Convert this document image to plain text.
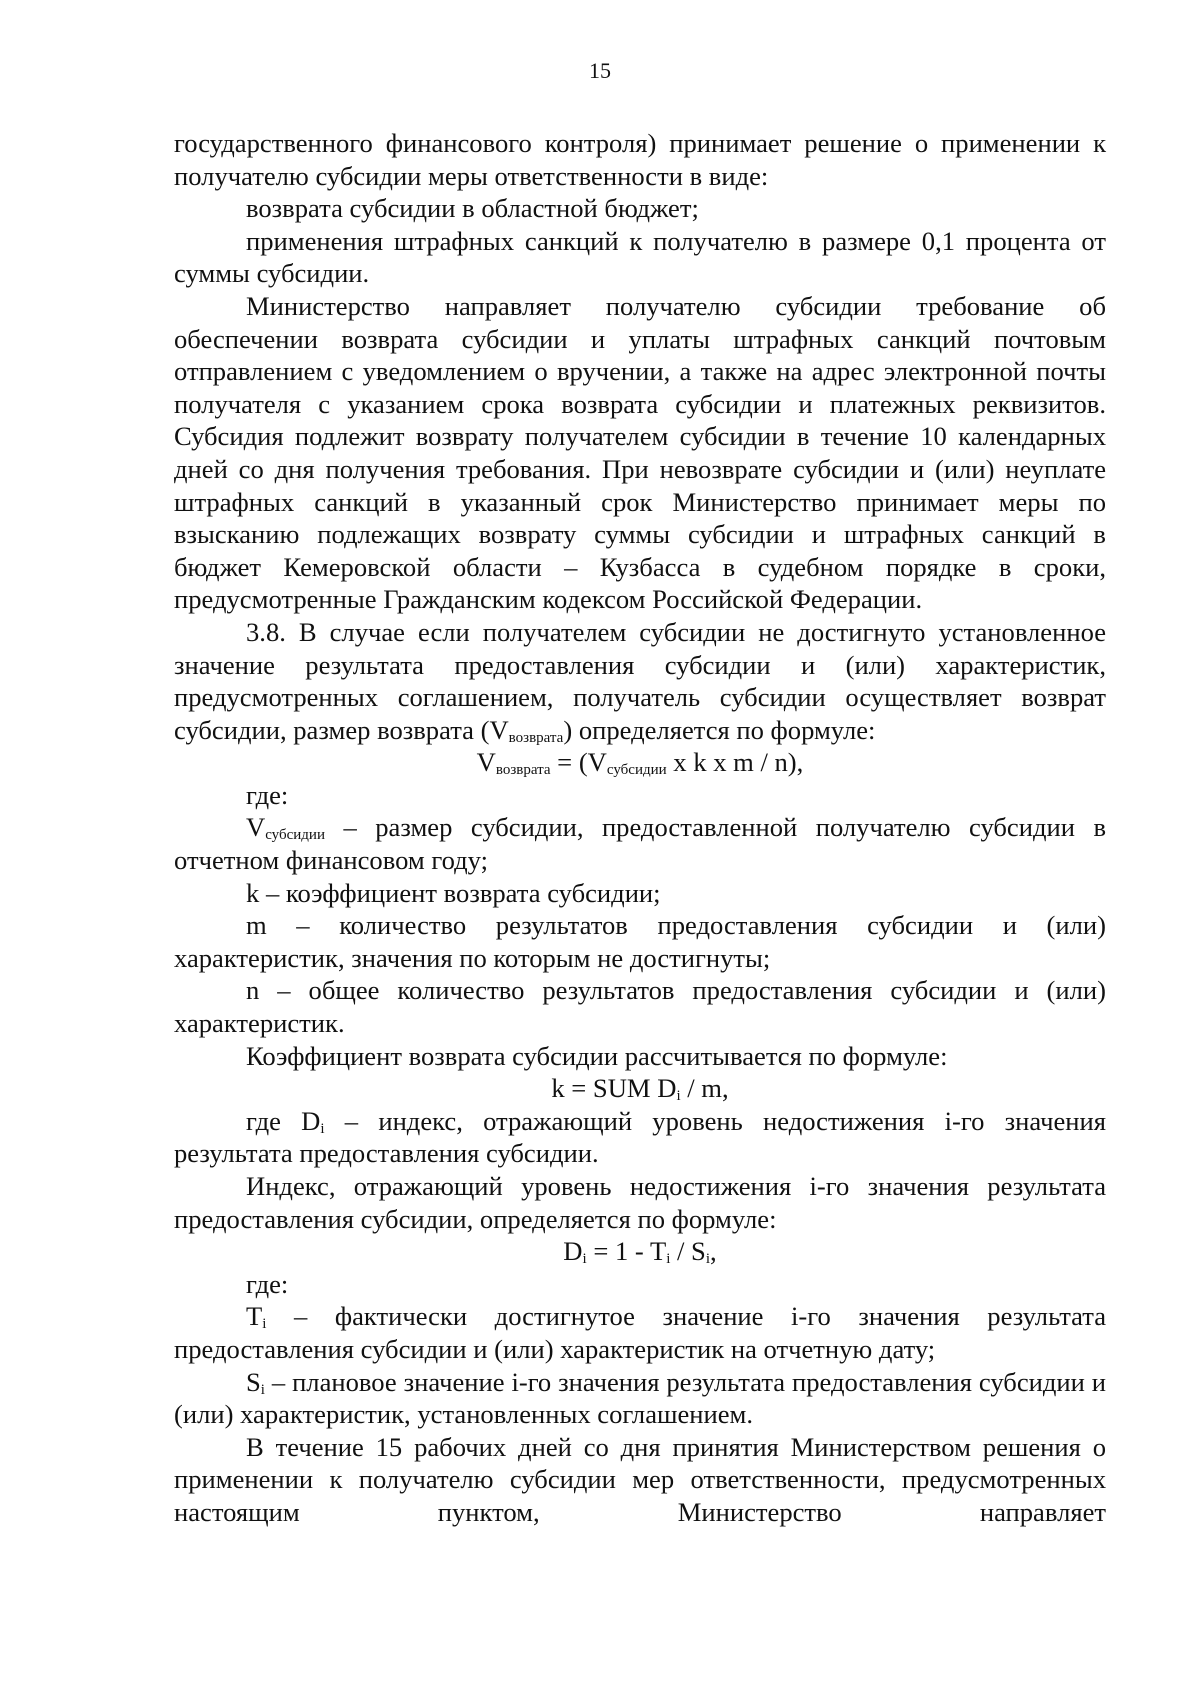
15

государственного финансового контроля) принимает решение о применении к получателю субсидии меры ответственности в виде:

возврата субсидии в областной бюджет;

применения штрафных санкций к получателю в размере 0,1 процента от суммы субсидии.

Министерство направляет получателю субсидии требование об обеспечении возврата субсидии и уплаты штрафных санкций почтовым отправлением с уведомлением о вручении, а также на адрес электронной почты получателя с указанием срока возврата субсидии и платежных реквизитов. Субсидия подлежит возврату получателем субсидии в течение 10 календарных дней со дня получения требования. При невозврате субсидии и (или) неуплате штрафных санкций в указанный срок Министерство принимает меры по взысканию подлежащих возврату суммы субсидии и штрафных санкций в бюджет Кемеровской области – Кузбасса в судебном порядке в сроки, предусмотренные Гражданским кодексом Российской Федерации.

3.8. В случае если получателем субсидии не достигнуто установленное значение результата предоставления субсидии и (или) характеристик, предусмотренных соглашением, получатель субсидии осуществляет возврат субсидии, размер возврата $(V_{возврата})$ определяется по формуле:

$V_{возврата} = (V_{субсидии}$ x k x m / n),

где:

$V_{субсидии}$ – размер субсидии, предоставленной получателю субсидии в отчетном финансовом году;

k – коэффициент возврата субсидии;

m – количество результатов предоставления субсидии и (или) характеристик, значения по которым не достигнуты;

n – общее количество результатов предоставления субсидии и (или) характеристик.

Коэффициент возврата субсидии рассчитывается по формуле:

k = SUM $D_i$ / m,

где $D_i$ – индекс, отражающий уровень недостижения i-го значения результата предоставления субсидии.

Индекс, отражающий уровень недостижения i-го значения результата предоставления субсидии, определяется по формуле:

$D_i = 1 - T_i / S_i$,

где:

$T_i$ – фактически достигнутое значение i-го значения результата предоставления субсидии и (или) характеристик на отчетную дату;

$S_i$ – плановое значение i-го значения результата предоставления субсидии и (или) характеристик, установленных соглашением.

В течение 15 рабочих дней со дня принятия Министерством решения о применении к получателю субсидии мер ответственности, предусмотренных настоящим пунктом, Министерство направляет
